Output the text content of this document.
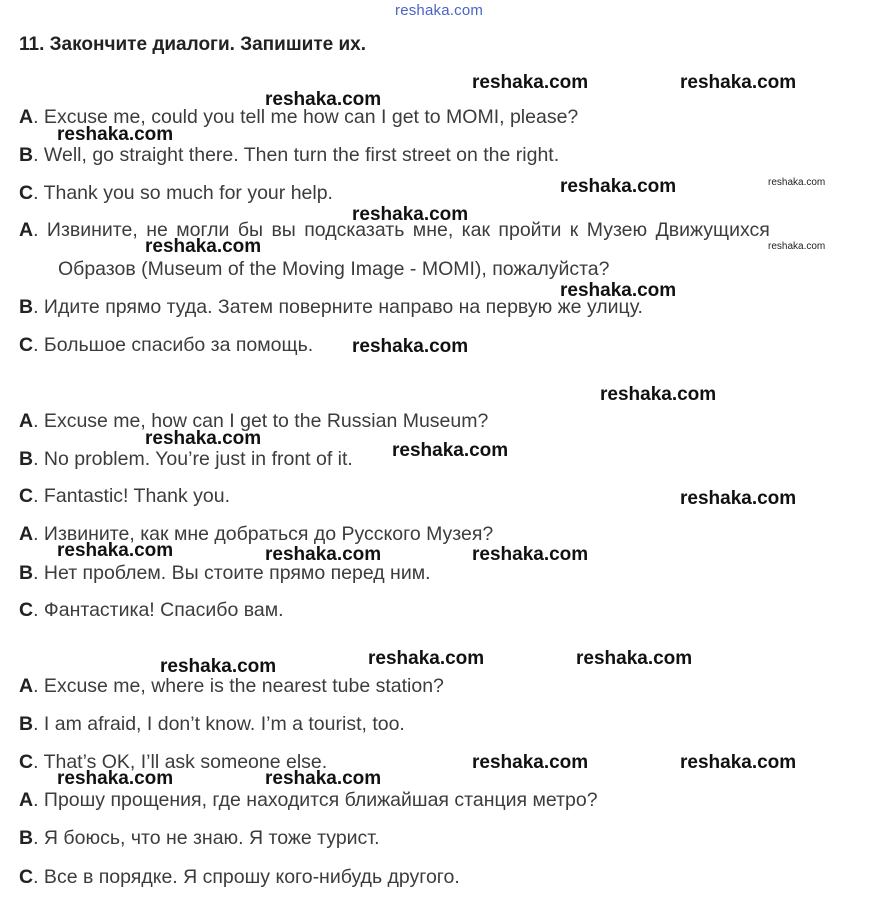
reshaka.com
11. Закончите диалоги. Запишите их.
A. Excuse me, could you tell me how can I get to MOMI, please?
B. Well, go straight there. Then turn the first street on the right.
C. Thank you so much for your help.
A. Извините, не могли бы вы подсказать мне, как пройти к Музею Движущихся
Образов (Museum of the Moving Image - MOMI), пожалуйста?
B. Идите прямо туда. Затем поверните направо на первую же улицу.
C. Большое спасибо за помощь.
A. Excuse me, how can I get to the Russian Museum?
B. No problem. You’re just in front of it.
C. Fantastic! Thank you.
A. Извините, как мне добраться до Русского Музея?
B. Нет проблем. Вы стоите прямо перед ним.
C. Фантастика! Спасибо вам.
A. Excuse me, where is the nearest tube station?
B. I am afraid, I don’t know. I’m a tourist, too.
C. That’s OK, I’ll ask someone else.
A. Прошу прощения, где находится ближайшая станция метро?
B. Я боюсь, что не знаю. Я тоже турист.
C. Все в порядке. Я спрошу кого-нибудь другого.
reshaka.com	reshaka.com
reshaka.com
reshaka.com
reshaka.com	reshaka.com
reshaka.com
reshaka.com	reshaka.com
reshaka.com
reshaka.com
reshaka.com
reshaka.com
reshaka.com
reshaka.com
reshaka.com	reshaka.com	reshaka.com
reshaka.com	reshaka.com	reshaka.com
reshaka.com	reshaka.com
reshaka.com	reshaka.com
